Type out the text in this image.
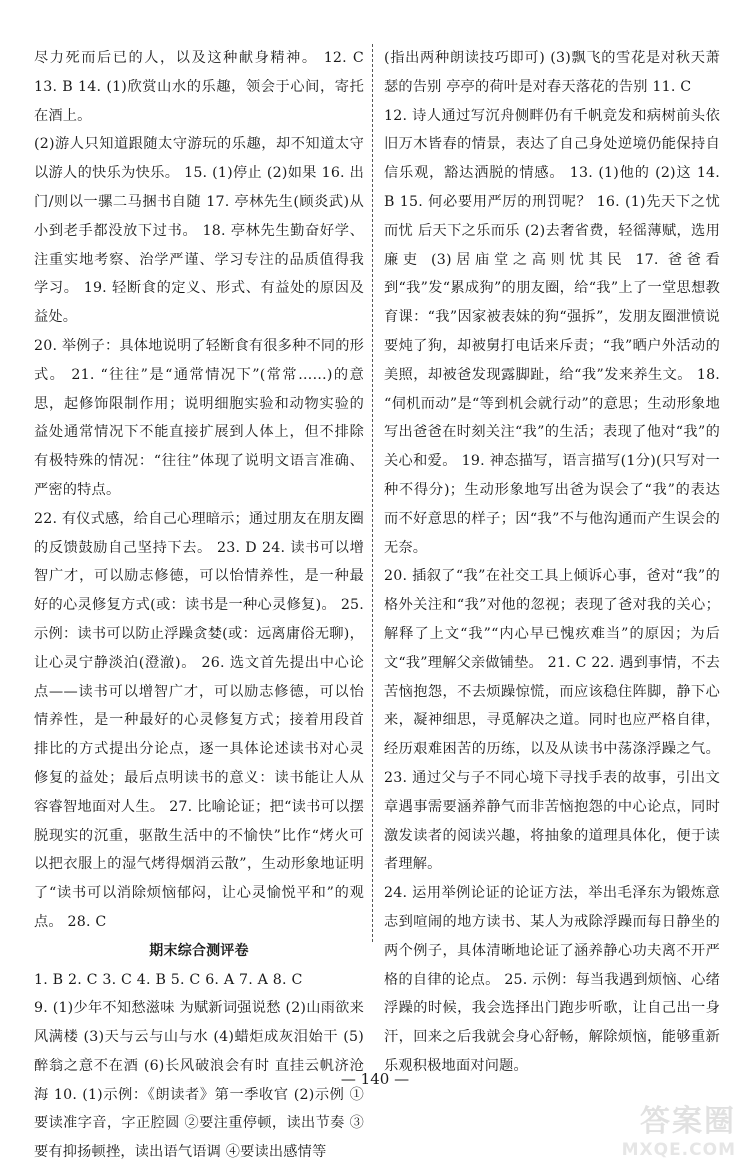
尽力死而后已的人，以及这种献身精神。 12. C 13. B 14. (1)欣赏山水的乐趣，领会于心间，寄托在酒上。

(2)游人只知道跟随太守游玩的乐趣，却不知道太守以游人的快乐为快乐。 15. (1)停止 (2)如果 16. 出门/则以一骡二马捆书自随 17. 亭林先生(顾炎武)从小到老手都没放下过书。 18. 亭林先生勤奋好学、注重实地考察、治学严谨、学习专注的品质值得我学习。 19. 轻断食的定义、形式、有益处的原因及益处。

20. 举例子：具体地说明了轻断食有很多种不同的形式。 21. “往往”是“通常情况下”(常常……)的意思，起修饰限制作用；说明细胞实验和动物实验的益处通常情况下不能直接扩展到人体上，但不排除有极特殊的情况：“往往”体现了说明文语言准确、严密的特点。

22. 有仪式感，给自己心理暗示；通过朋友在朋友圈的反馈鼓励自己坚持下去。 23. D 24. 读书可以增智广才，可以励志修德，可以怡情养性，是一种最好的心灵修复方式(或：读书是一种心灵修复)。 25. 示例：读书可以防止浮躁贪婪(或：远离庸俗无聊)，让心灵宁静淡泊(澄澈)。 26. 选文首先提出中心论点——读书可以增智广才，可以励志修德，可以怡情养性，是一种最好的心灵修复方式；接着用段首排比的方式提出分论点，逐一具体论述读书对心灵修复的益处；最后点明读书的意义：读书能让人从容睿智地面对人生。 27. 比喻论证；把“读书可以摆脱现实的沉重，驱散生活中的不愉快”比作“烤火可以把衣服上的湿气烤得烟消云散”，生动形象地证明了“读书可以消除烦恼郁闷，让心灵愉悦平和”的观点。 28. C

期末综合测评卷

1. B 2. C 3. C 4. B 5. C 6. A 7. A 8. C

9. (1)少年不知愁滋味 为赋新词强说愁 (2)山雨欲来风满楼 (3)天与云与山与水 (4)蜡炬成灰泪始干 (5)醉翁之意不在酒 (6)长风破浪会有时 直挂云帆济沧海 10. (1)示例：《朗读者》第一季收官 (2)示例 ①要读准字音，字正腔圆 ②要注重停顿，读出节奏 ③要有抑扬顿挫，读出语气语调 ④要读出感情等

(指出两种朗读技巧即可) (3)飘飞的雪花是对秋天萧瑟的告别 亭亭的荷叶是对春天落花的告别 11. C

12. 诗人通过写沉舟侧畔仍有千帆竞发和病树前头依旧万木皆春的情景，表达了自己身处逆境仍能保持自信乐观，豁达洒脱的情感。 13. (1)他的 (2)这 14. B 15. 何必要用严厉的刑罚呢？ 16. (1)先天下之忧而忧 后天下之乐而乐 (2)去奢省费，轻徭薄赋，选用廉吏 (3)居庙堂之高则忧其民 17. 爸爸看到“我”发“累成狗”的朋友圈，给“我”上了一堂思想教育课：“我”因家被表妹的狗“强拆”，发朋友圈泄愤说要炖了狗，却被舅打电话来斥责；“我”晒户外活动的美照，却被爸发现露脚趾，给“我”发来养生文。 18. “伺机而动”是“等到机会就行动”的意思；生动形象地写出爸爸在时刻关注“我”的生活；表现了他对“我”的关心和爱。 19. 神态描写，语言描写(1分)(只写对一种不得分)；生动形象地写出爸为误会了“我”的表达而不好意思的样子；因“我”不与他沟通而产生误会的无奈。

20. 插叙了“我”在社交工具上倾诉心事，爸对“我”的格外关注和“我”对他的忽视；表现了爸对我的关心；解释了上文“我”“内心早已愧疚难当”的原因；为后文“我”理解父亲做铺垫。 21. C 22. 遇到事情，不去苦恼抱怨，不去烦躁惊慌，而应该稳住阵脚，静下心来，凝神细思，寻觅解决之道。同时也应严格自律，经历艰难困苦的历练，以及从读书中荡涤浮躁之气。 23. 通过父与子不同心境下寻找手表的故事，引出文章遇事需要涵养静气而非苦恼抱怨的中心论点，同时激发读者的阅读兴趣，将抽象的道理具体化，便于读者理解。

24. 运用举例论证的论证方法，举出毛泽东为锻炼意志到喧闹的地方读书、某人为戒除浮躁而每日静坐的两个例子，具体清晰地论证了涵养静心功夫离不开严格的自律的论点。 25. 示例：每当我遇到烦恼、心绪浮躁的时候，我会选择出门跑步听歌，让自己出一身汗，回来之后我就会身心舒畅，解除烦恼，能够重新乐观积极地面对问题。

— 140 —
答案圈
MXQE.COM
